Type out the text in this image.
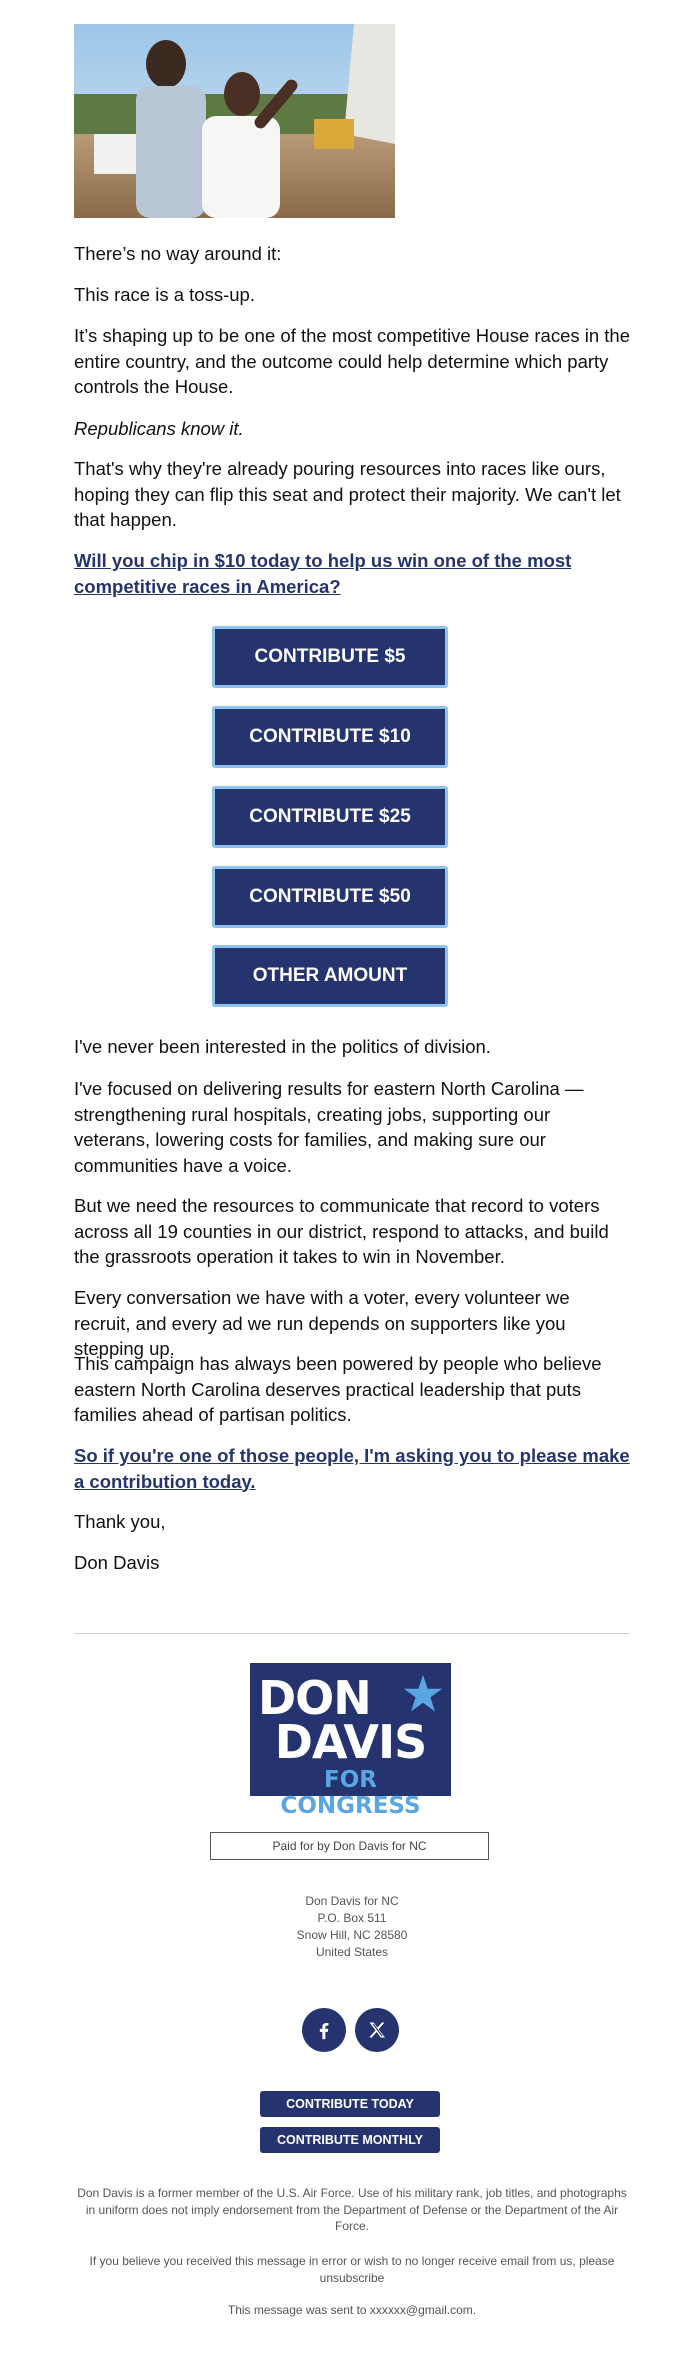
There’s no way around it:

This race is a toss-up.

It’s shaping up to be one of the most competitive House races in the entire country, and the outcome could help determine which party controls the House.

Republicans know it.

That's why they're already pouring resources into races like ours, hoping they can flip this seat and protect their majority. We can't let that happen.

Will you chip in $10 today to help us win one of the most competitive races in America?

CONTRIBUTE $5
CONTRIBUTE $10
CONTRIBUTE $25
CONTRIBUTE $50
OTHER AMOUNT

I've never been interested in the politics of division.

I've focused on delivering results for eastern North Carolina — strengthening rural hospitals, creating jobs, supporting our veterans, lowering costs for families, and making sure our communities have a voice.

But we need the resources to communicate that record to voters across all 19 counties in our district, respond to attacks, and build the grassroots operation it takes to win in November.

Every conversation we have with a voter, every volunteer we recruit, and every ad we run depends on supporters like you stepping up.

This campaign has always been powered by people who believe eastern North Carolina deserves practical leadership that puts families ahead of partisan politics.

So if you're one of those people, I'm asking you to please make a contribution today.

Thank you,

Don Davis

DON
DAVIS
FOR CONGRESS
Paid for by Don Davis for NC
Don Davis for NC
P.O. Box 511
Snow Hill, NC 28580
United States
CONTRIBUTE TODAY
CONTRIBUTE MONTHLY

Don Davis is a former member of the U.S. Air Force. Use of his military rank, job titles, and photographs in uniform does not imply endorsement from the Department of Defense or the Department of the Air Force.

If you believe you received this message in error or wish to no longer receive email from us, please unsubscribe

This message was sent to xxxxxx@gmail.com.
